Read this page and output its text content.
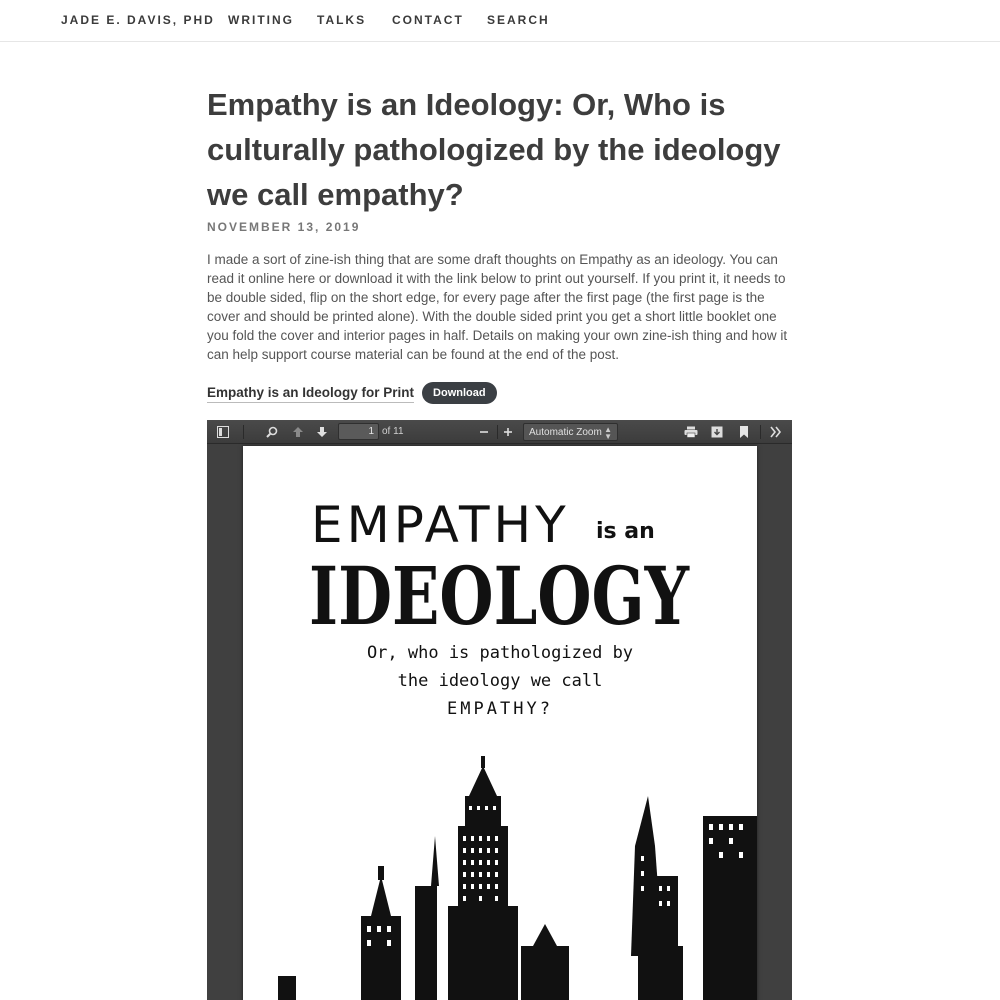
JADE E. DAVIS, PHD WRITING TALKS CONTACT SEARCH
Empathy is an Ideology: Or, Who is culturally pathologized by the ideology we call empathy?
NOVEMBER 13, 2019

I made a sort of zine-ish thing that are some draft thoughts on Empathy as an ideology. You can read it online here or download it with the link below to print out yourself. If you print it, it needs to be double sided, flip on the short edge, for every page after the first page (the first page is the cover and should be printed alone). With the double sided print you get a short little booklet one you fold the cover and interior pages in half. Details on making your own zine-ish thing and how it can help support course material can be found at the end of the post.

Empathy is an Ideology for Print	Download
1 of 11	Automatic Zoom ▲
▼
EMPATHY is an
IDEOLOGY
Or, who is pathologized by
the ideology we call
EMPATHY?
